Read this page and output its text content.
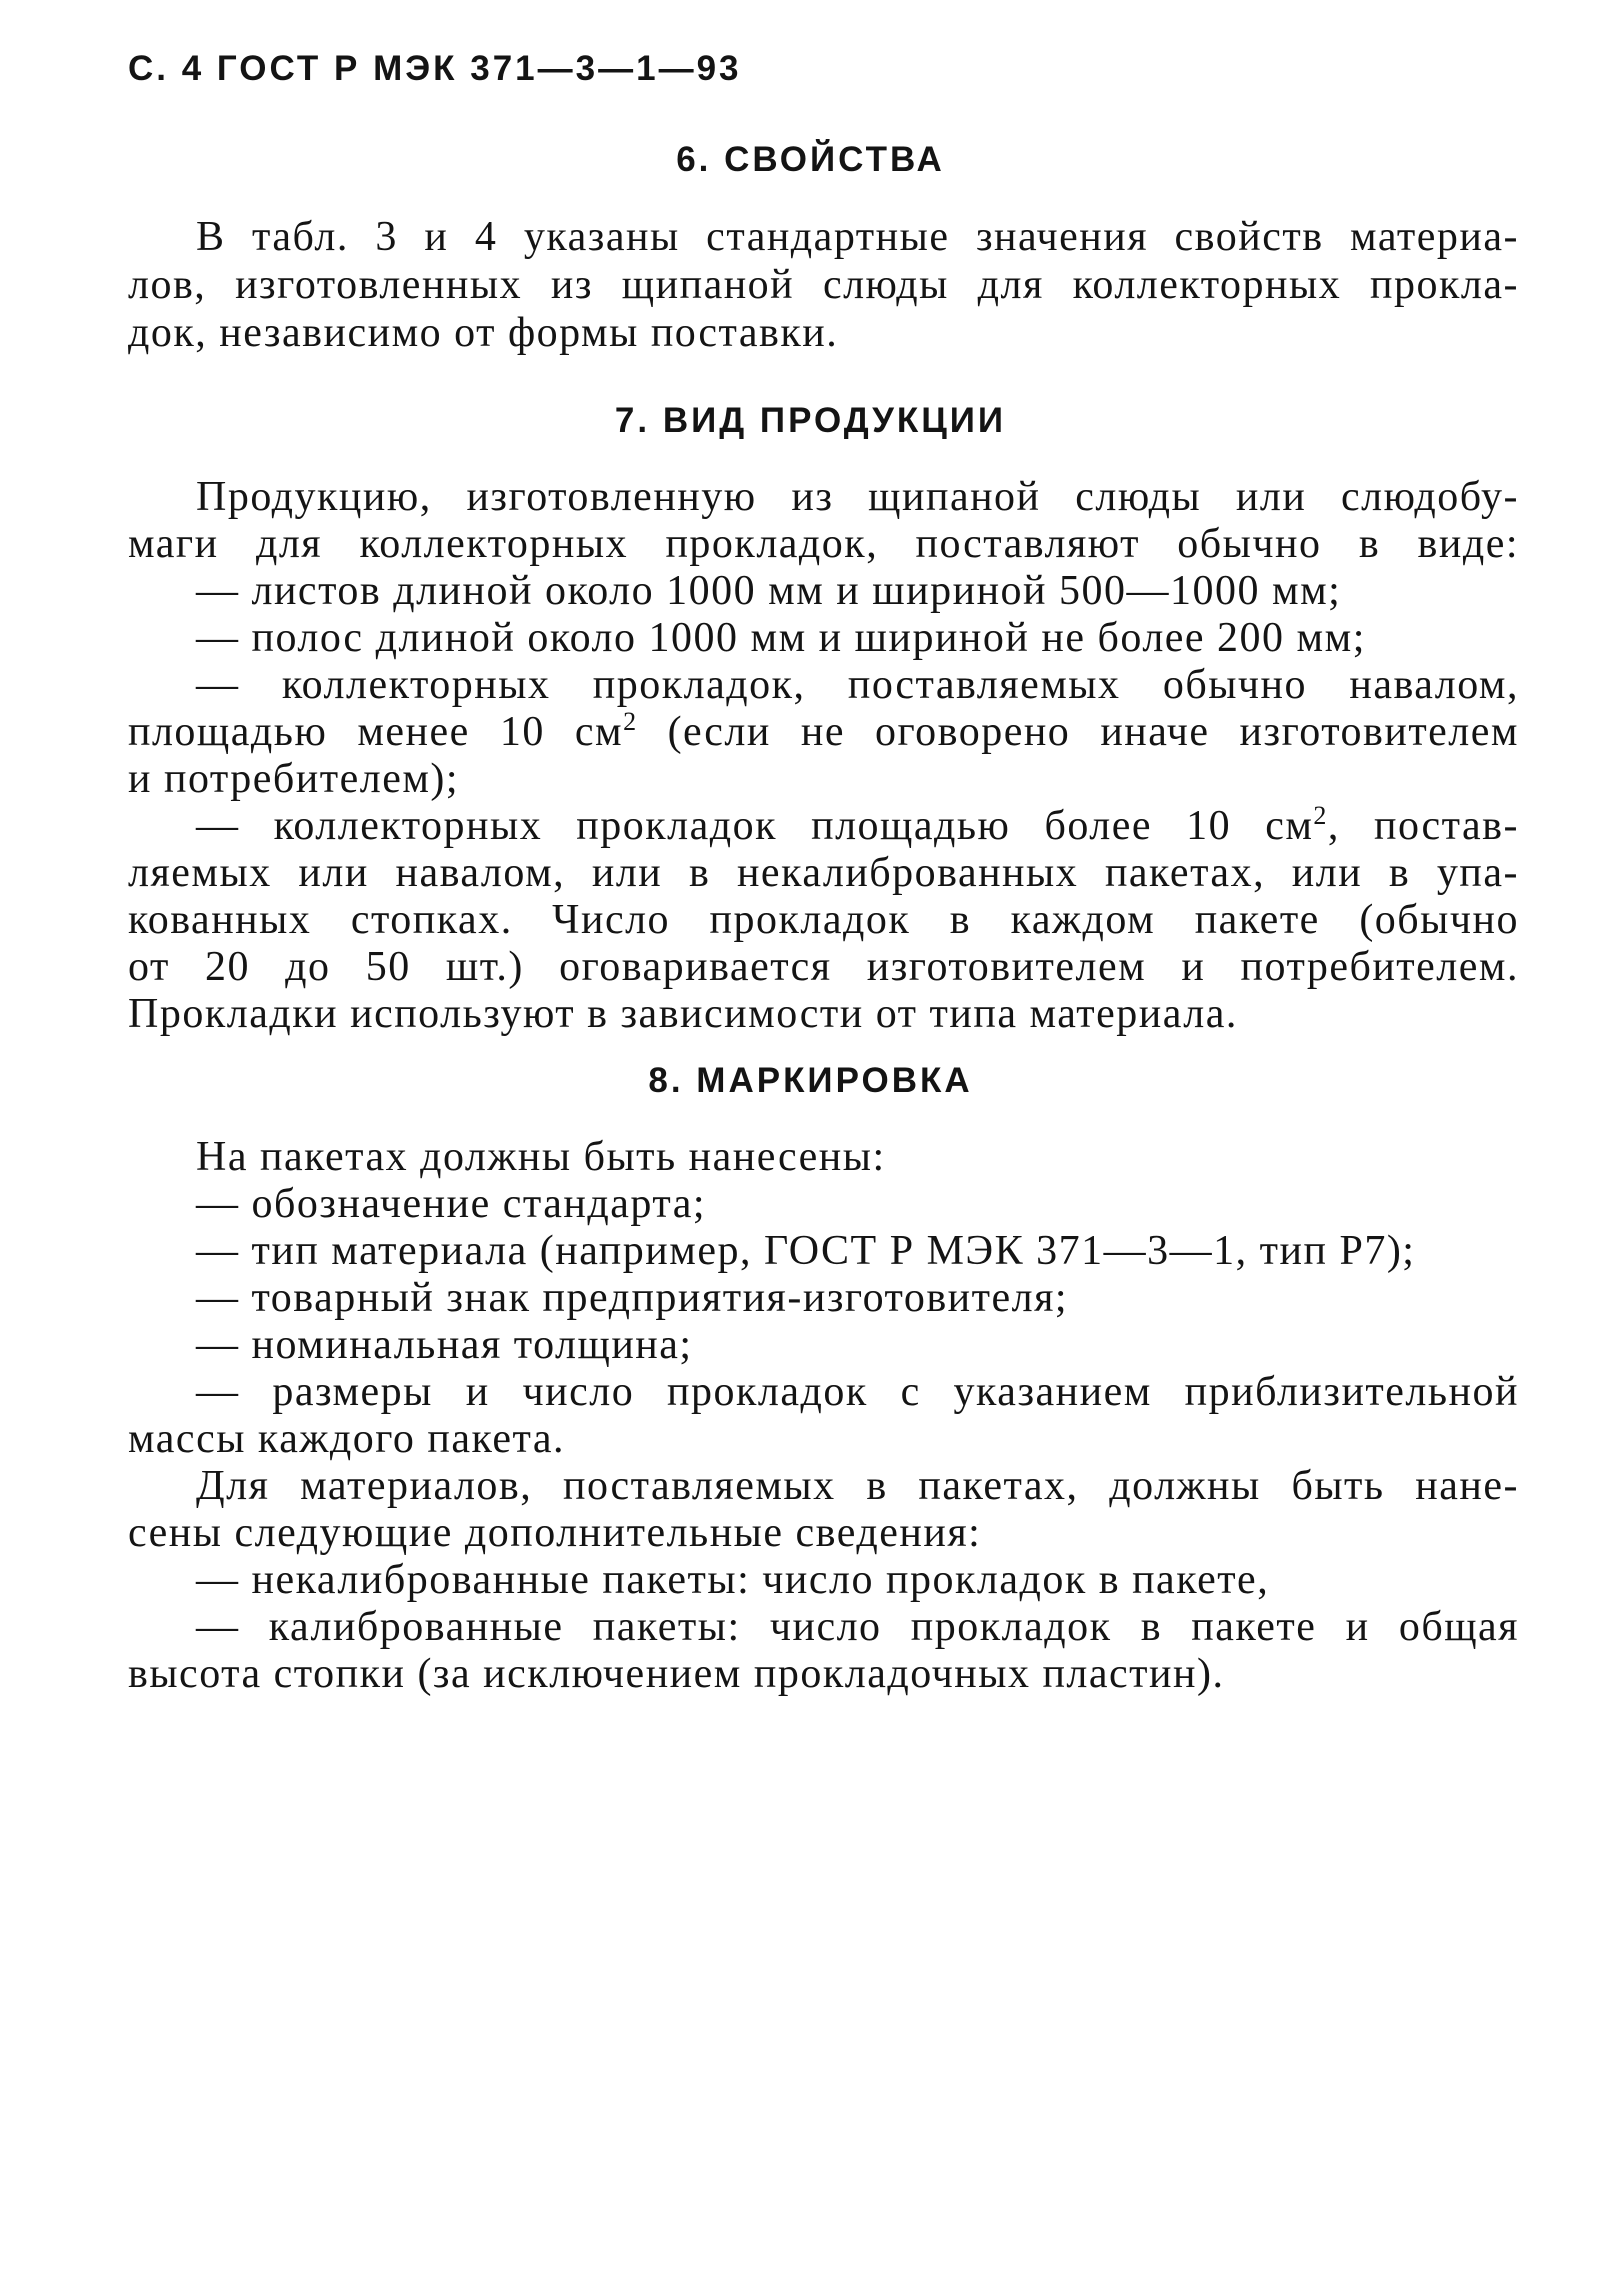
С. 4 ГОСТ Р МЭК 371—3—1—93
6. СВОЙСТВА
В табл. 3 и 4 указаны стандартные значения свойств материа-
лов, изготовленных из щипаной слюды для коллекторных прокла-
док, независимо от формы поставки.
7. ВИД ПРОДУКЦИИ
Продукцию, изготовленную из щипаной слюды или слюдобу-
маги для коллекторных прокладок, поставляют обычно в виде:
— листов длиной около 1000 мм и шириной 500—1000 мм;
— полос длиной около 1000 мм и шириной не более 200 мм;
— коллекторных прокладок, поставляемых обычно навалом,
площадью менее 10 $см^2$ (если не оговорено иначе изготовителем
и потребителем);
— коллекторных прокладок площадью более 10 $см^2$, постав-
ляемых или навалом, или в некалиброванных пакетах, или в упа-
кованных стопках. Число прокладок в каждом пакете (обычно
от 20 до 50 шт.) оговаривается изготовителем и потребителем.
Прокладки используют в зависимости от типа материала.
8. МАРКИРОВКА
На пакетах должны быть нанесены:
— обозначение стандарта;
— тип материала (например, ГОСТ Р МЭК 371—3—1, тип Р7);
— товарный знак предприятия-изготовителя;
— номинальная толщина;
— размеры и число прокладок с указанием приблизительной
массы каждого пакета.
Для материалов, поставляемых в пакетах, должны быть нане-
сены следующие дополнительные сведения:
— некалиброванные пакеты: число прокладок в пакете,
— калиброванные пакеты: число прокладок в пакете и общая
высота стопки (за исключением прокладочных пластин).
